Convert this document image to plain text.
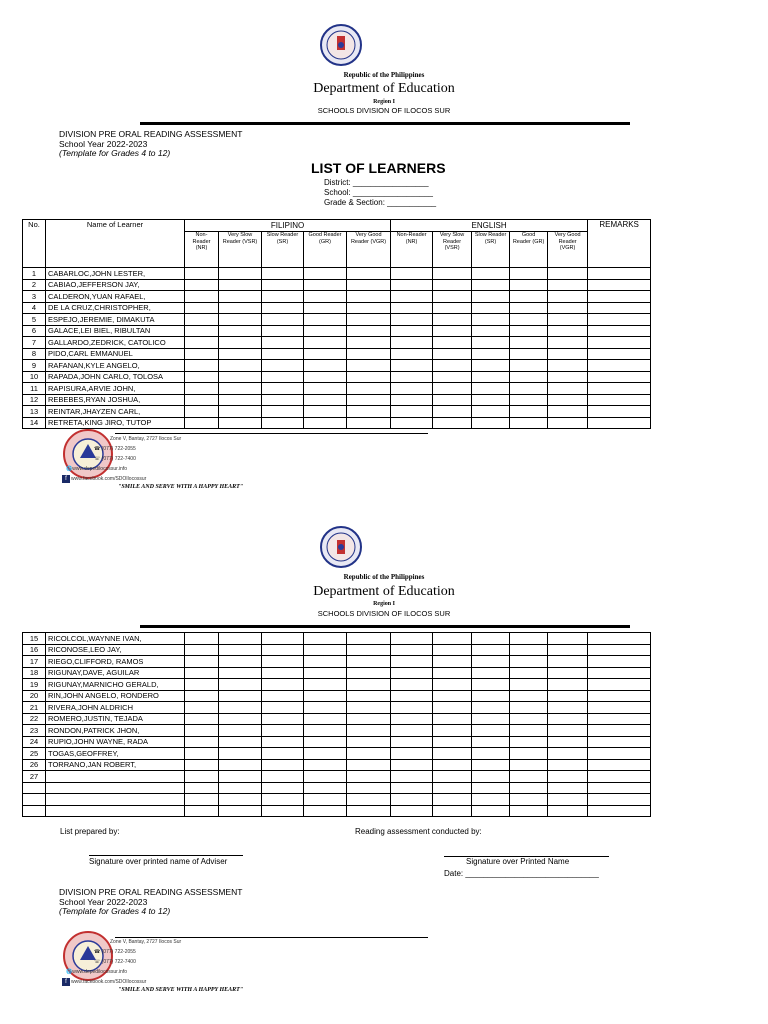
Republic of the Philippines
Department of Education
Region I
SCHOOLS DIVISION OF ILOCOS SUR
DIVISION PRE ORAL READING ASSESSMENT
School Year 2022-2023
(Template for Grades 4 to 12)
LIST OF LEARNERS
District: _________________
School: __________________
Grade & Section: ___________
No.	Name of Learner	FILIPINO					ENGLISH					REMARKS
		Non-Reader (NR)	Very Slow Reader (VSR)	Slow Reader (SR)	Good Reader (GR)	Very Good Reader (VGR)	Non-Reader (NR)	Very Slow Reader (VSR)	Slow Reader (SR)	Good Reader (GR)	Very Good Reader (VGR)	
1	CABARLOC,JOHN LESTER,											
2	CABIAO,JEFFERSON JAY,											
3	CALDERON,YUAN RAFAEL,											
4	DE LA CRUZ,CHRISTOPHER,											
5	ESPEJO,JEREMIE, DIMAKUTA											
6	GALACE,LEI BIEL, RIBULTAN											
7	GALLARDO,ZEDRICK, CATOLICO											
8	PIDO,CARL EMMANUEL											
9	RAFANAN,KYLE ANGELO,											
10	RAPADA,JOHN CARLO, TOLOSA											
11	RAPISURA,ARVIE JOHN,											
12	REBEBES,RYAN JOSHUA,											
13	REINTAR,JHAYZEN CARL,											
14	RETRETA,KING JIRO, TUTOP											
Zone V, Bantay, 2727 Ilocos Sur
☎ (077) 722-2055
☏ (077) 722-7400
🌐www.depedilocossur.info
f www.facebook.com/SDOIlocossur
"SMILE AND SERVE WITH A HAPPY HEART"
Republic of the Philippines
Department of Education
Region I
SCHOOLS DIVISION OF ILOCOS SUR
15	RICOLCOL,WAYNNE IVAN,											
16	RICONOSE,LEO JAY,											
17	RIEGO,CLIFFORD, RAMOS											
18	RIGUNAY,DAVE, AGUILAR											
19	RIGUNAY,MARNICHO GERALD,											
20	RIN,JOHN ANGELO, RONDERO											
21	RIVERA,JOHN ALDRICH											
22	ROMERO,JUSTIN, TEJADA											
23	RONDON,PATRICK JHON,											
24	RUPIO,JOHN WAYNE, RADA											
25	TOGAS,GEOFFREY,											
26	TORRANO,JAN ROBERT,											
27												

List prepared by:
Signature over printed name of Adviser
Reading assessment conducted by:
Signature over Printed Name
Date: ______________________________
DIVISION PRE ORAL READING ASSESSMENT
School Year 2022-2023
(Template for Grades 4 to 12)
Zone V, Bantay, 2727 Ilocos Sur
☎ (077) 722-2055
☏ (077) 722-7400
🌐www.depedilocossur.info
f www.facebook.com/SDOIlocossur
"SMILE AND SERVE WITH A HAPPY HEART"
